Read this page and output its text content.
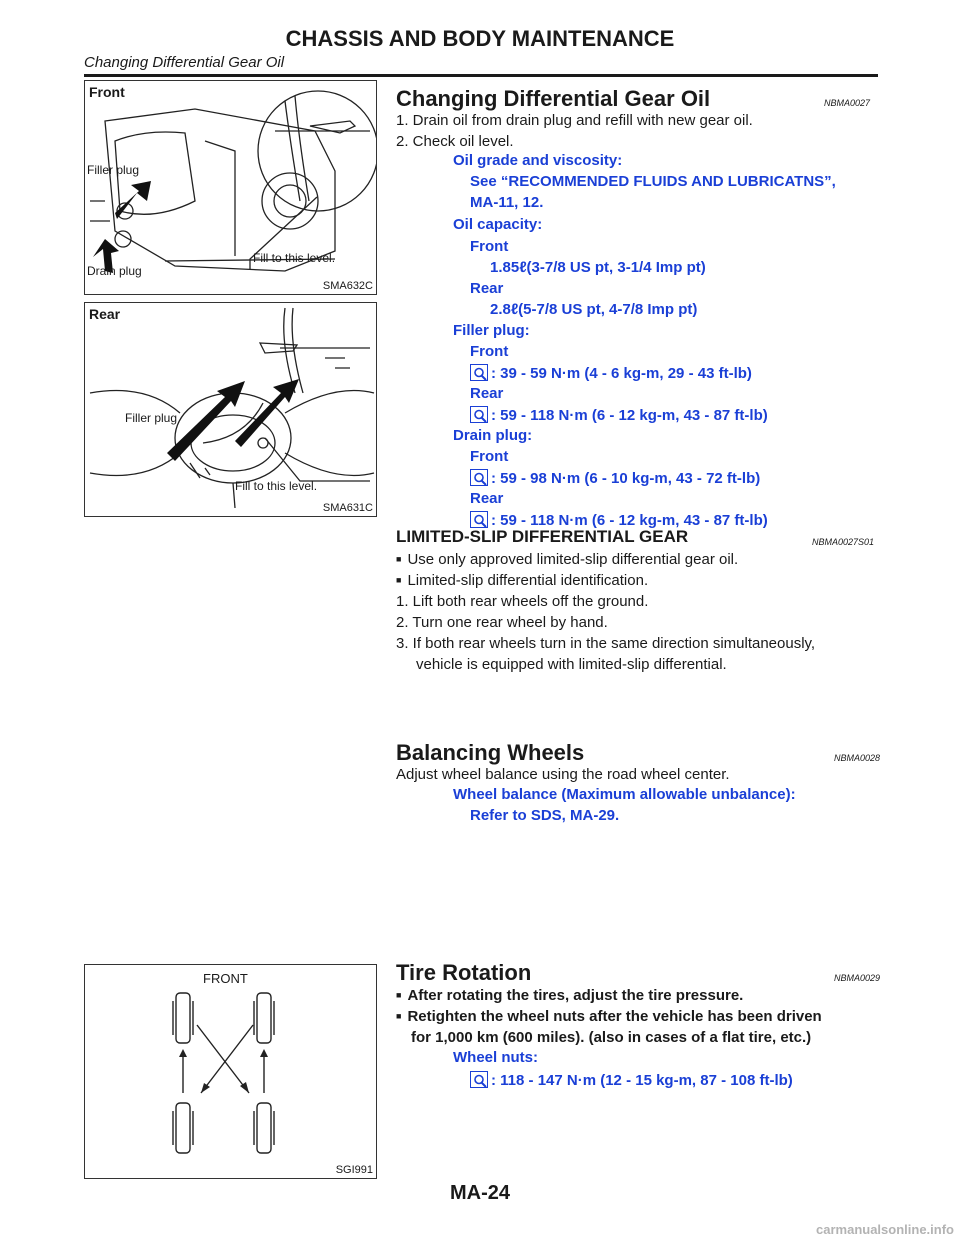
CHASSIS AND BODY MAINTENANCE
Changing Differential Gear Oil
Front
Filler plug
Drain plug
Fill to this level.
SMA632C
Rear
Filler plug
Fill to this level.
SMA631C
Changing Differential Gear Oil	NBMA0027
1. Drain oil from drain plug and refill with new gear oil.
2. Check oil level.
Oil grade and viscosity:
See “RECOMMENDED FLUIDS AND LUBRICATNS”,
MA-11, 12.
Oil capacity:
Front
1.85ℓ(3-7/8 US pt, 3-1/4 Imp pt)
Rear
2.8ℓ(5-7/8 US pt, 4-7/8 Imp pt)
Filler plug:
Front
: 39 - 59 N·m (4 - 6 kg-m, 29 - 43 ft-lb)
Rear
: 59 - 118 N·m (6 - 12 kg-m, 43 - 87 ft-lb)
Drain plug:
Front
: 59 - 98 N·m (6 - 10 kg-m, 43 - 72 ft-lb)
Rear
: 59 - 118 N·m (6 - 12 kg-m, 43 - 87 ft-lb)
LIMITED-SLIP DIFFERENTIAL GEAR	NBMA0027S01
■ Use only approved limited-slip differential gear oil.
■ Limited-slip differential identification.
1. Lift both rear wheels off the ground.
2. Turn one rear wheel by hand.
3. If both rear wheels turn in the same direction simultaneously,
vehicle is equipped with limited-slip differential.
Balancing Wheels	NBMA0028
Adjust wheel balance using the road wheel center.
Wheel balance (Maximum allowable unbalance):
Refer to SDS, MA-29.
FRONT
SGI991
Tire Rotation	NBMA0029
■ After rotating the tires, adjust the tire pressure.
■ Retighten the wheel nuts after the vehicle has been driven
for 1,000 km (600 miles). (also in cases of a flat tire, etc.)
Wheel nuts:
: 118 - 147 N·m (12 - 15 kg-m, 87 - 108 ft-lb)
MA-24
carmanualsonline.info
